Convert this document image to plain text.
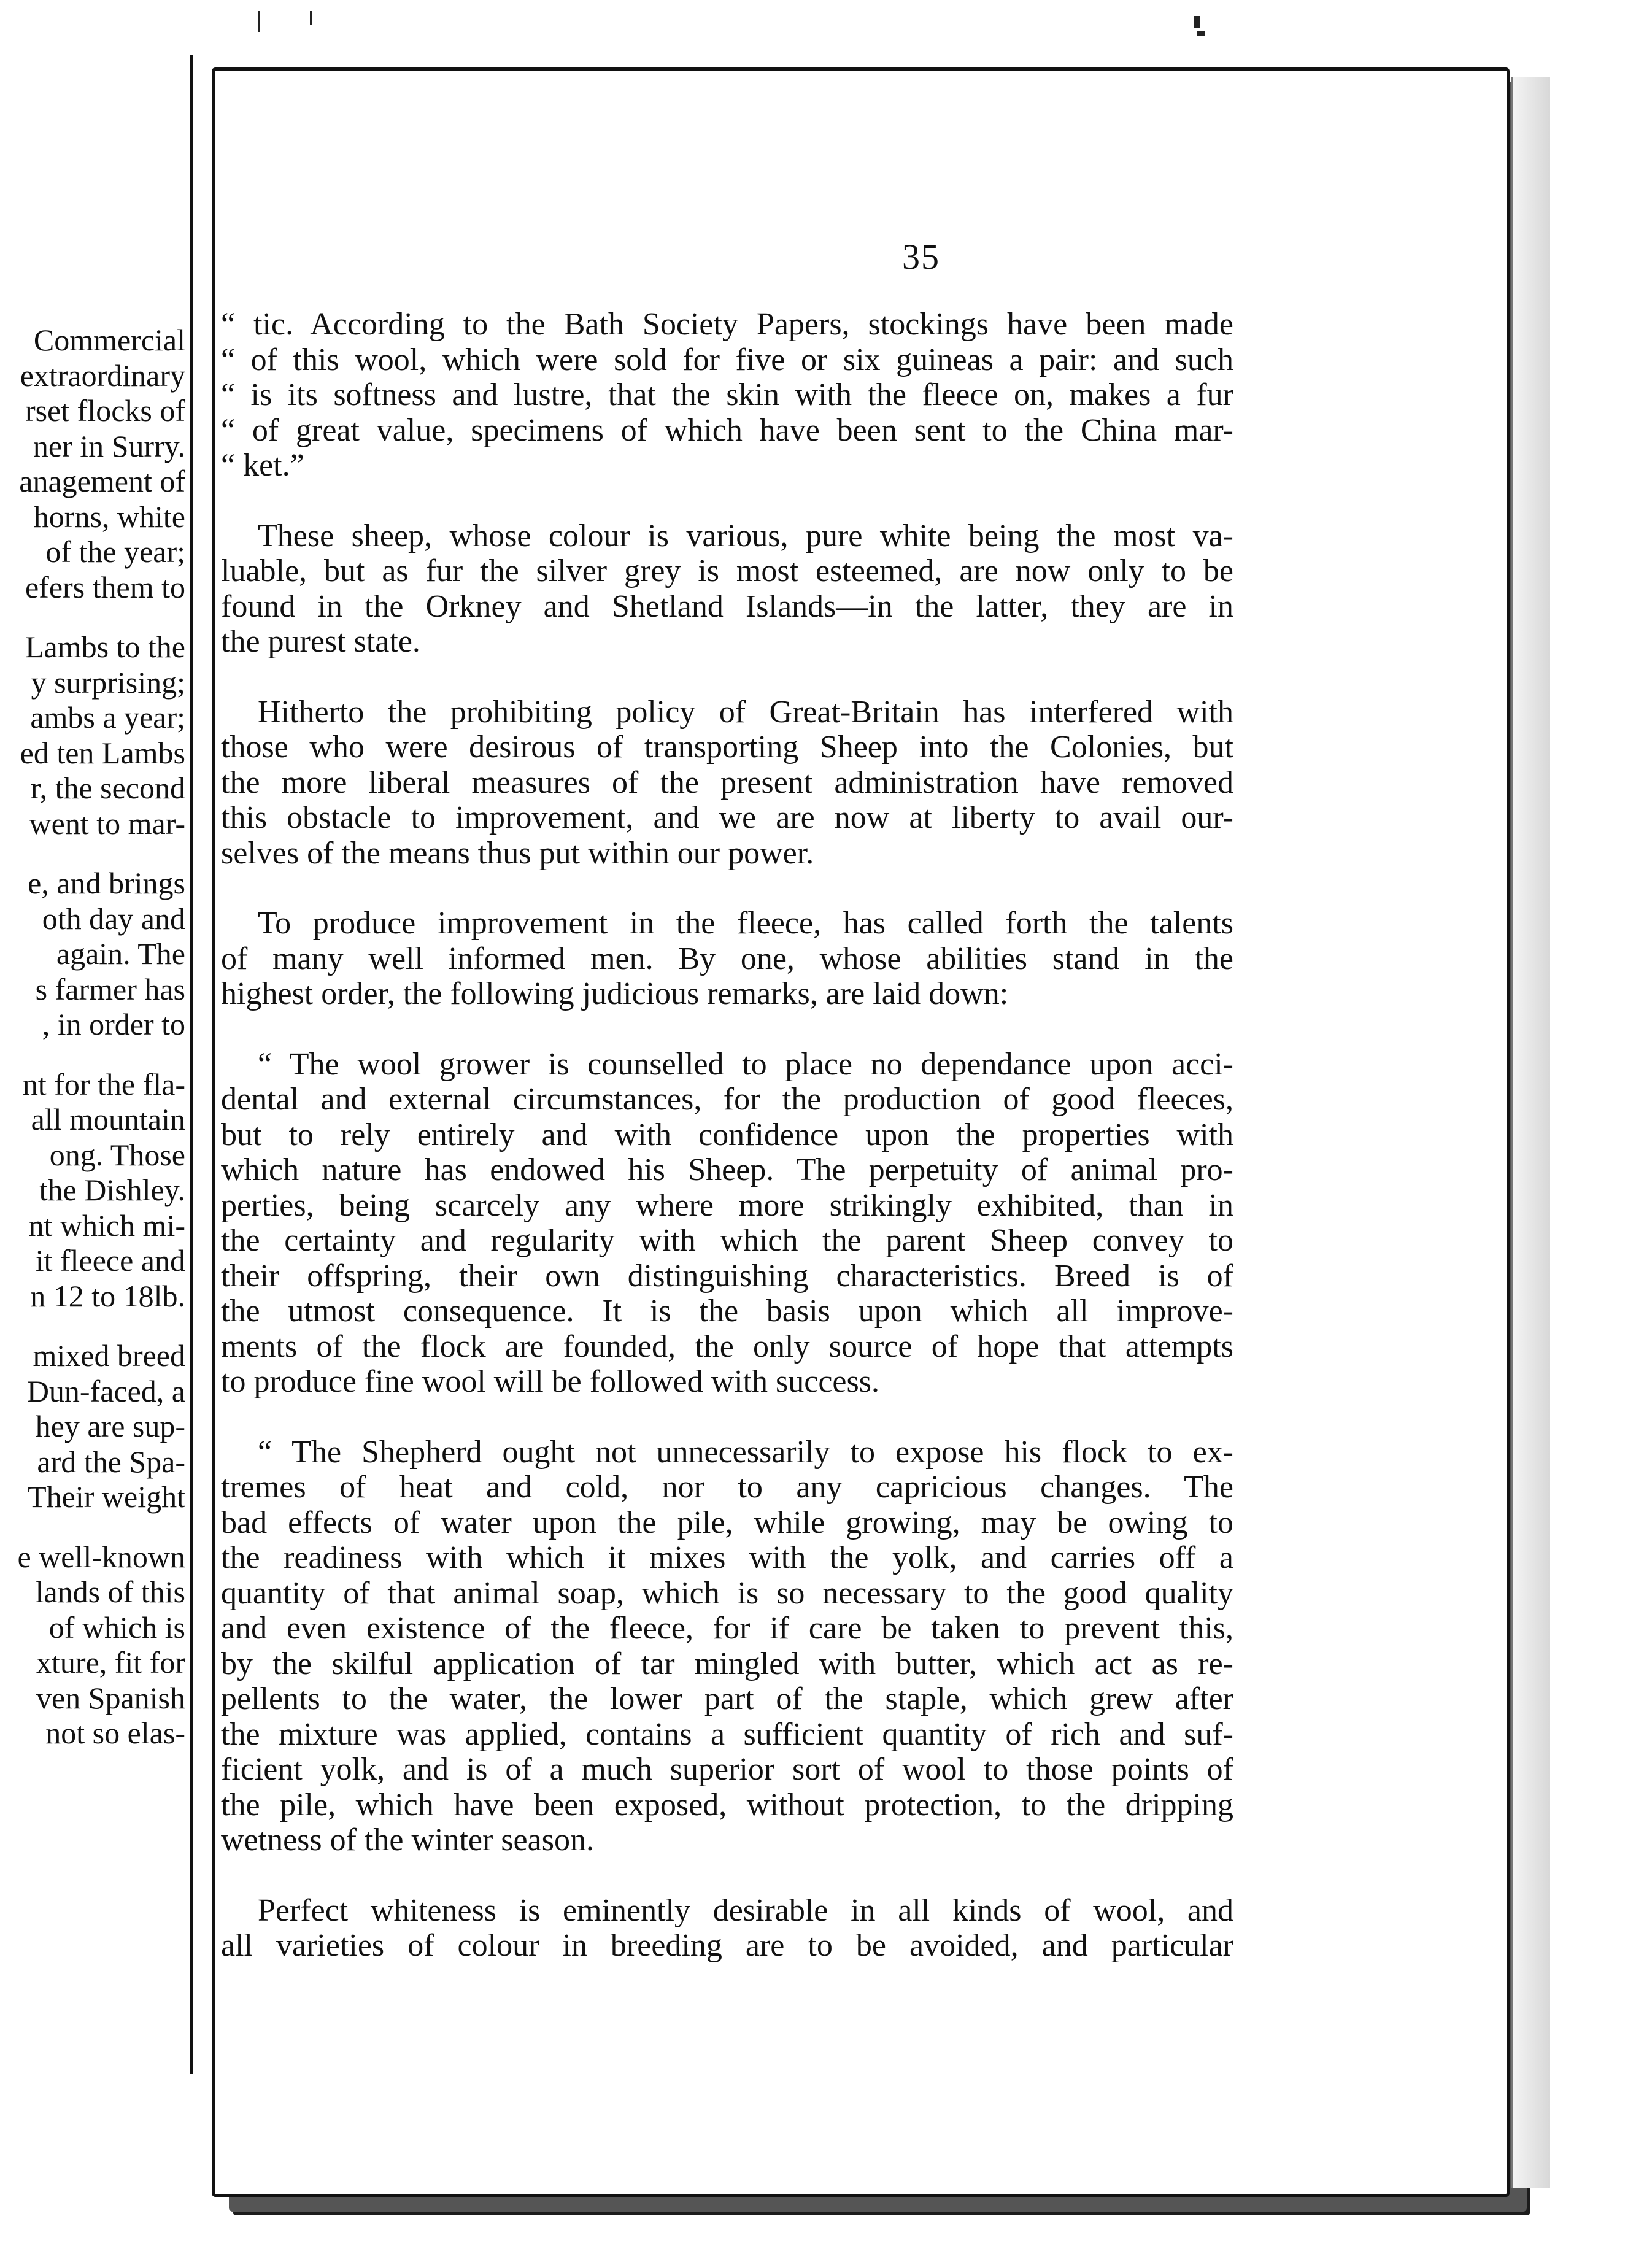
Commercial
extraordinary
rset flocks of
ner in Surry.
anagement of
horns, white
of the year;
efers them to
Lambs to the
y surprising;
ambs a year;
ed ten Lambs
r, the second
went to mar-
e, and brings
oth day and
again. The
s farmer has
, in order to
nt for the fla-
all mountain
ong. Those
the Dishley.
nt which mi-
it fleece and
n 12 to 18lb.
mixed breed
Dun-faced, a
hey are sup-
ard the Spa-
Their weight
e well-known
lands of this
of which is
xture, fit for
ven Spanish
not so elas-
35
“ tic. According to the Bath Society Papers, stockings have been made
“ of this wool, which were sold for five or six guineas a pair: and such
“ is its softness and lustre, that the skin with the fleece on, makes a fur
“ of great value, specimens of which have been sent to the China mar-
“ ket.”
These sheep, whose colour is various, pure white being the most va-
luable, but as fur the silver grey is most esteemed, are now only to be
found in the Orkney and Shetland Islands—in the latter, they are in
the purest state.
Hitherto the prohibiting policy of Great-Britain has interfered with
those who were desirous of transporting Sheep into the Colonies, but
the more liberal measures of the present administration have removed
this obstacle to improvement, and we are now at liberty to avail our-
selves of the means thus put within our power.
To produce improvement in the fleece, has called forth the talents
of many well informed men. By one, whose abilities stand in the
highest order, the following judicious remarks, are laid down:
“ The wool grower is counselled to place no dependance upon acci-
dental and external circumstances, for the production of good fleeces,
but to rely entirely and with confidence upon the properties with
which nature has endowed his Sheep. The perpetuity of animal pro-
perties, being scarcely any where more strikingly exhibited, than in
the certainty and regularity with which the parent Sheep convey to
their offspring, their own distinguishing characteristics. Breed is of
the utmost consequence. It is the basis upon which all improve-
ments of the flock are founded, the only source of hope that attempts
to produce fine wool will be followed with success.
“ The Shepherd ought not unnecessarily to expose his flock to ex-
tremes of heat and cold, nor to any capricious changes. The
bad effects of water upon the pile, while growing, may be owing to
the readiness with which it mixes with the yolk, and carries off a
quantity of that animal soap, which is so necessary to the good quality
and even existence of the fleece, for if care be taken to prevent this,
by the skilful application of tar mingled with butter, which act as re-
pellents to the water, the lower part of the staple, which grew after
the mixture was applied, contains a sufficient quantity of rich and suf-
ficient yolk, and is of a much superior sort of wool to those points of
the pile, which have been exposed, without protection, to the dripping
wetness of the winter season.
Perfect whiteness is eminently desirable in all kinds of wool, and
all varieties of colour in breeding are to be avoided, and particular
